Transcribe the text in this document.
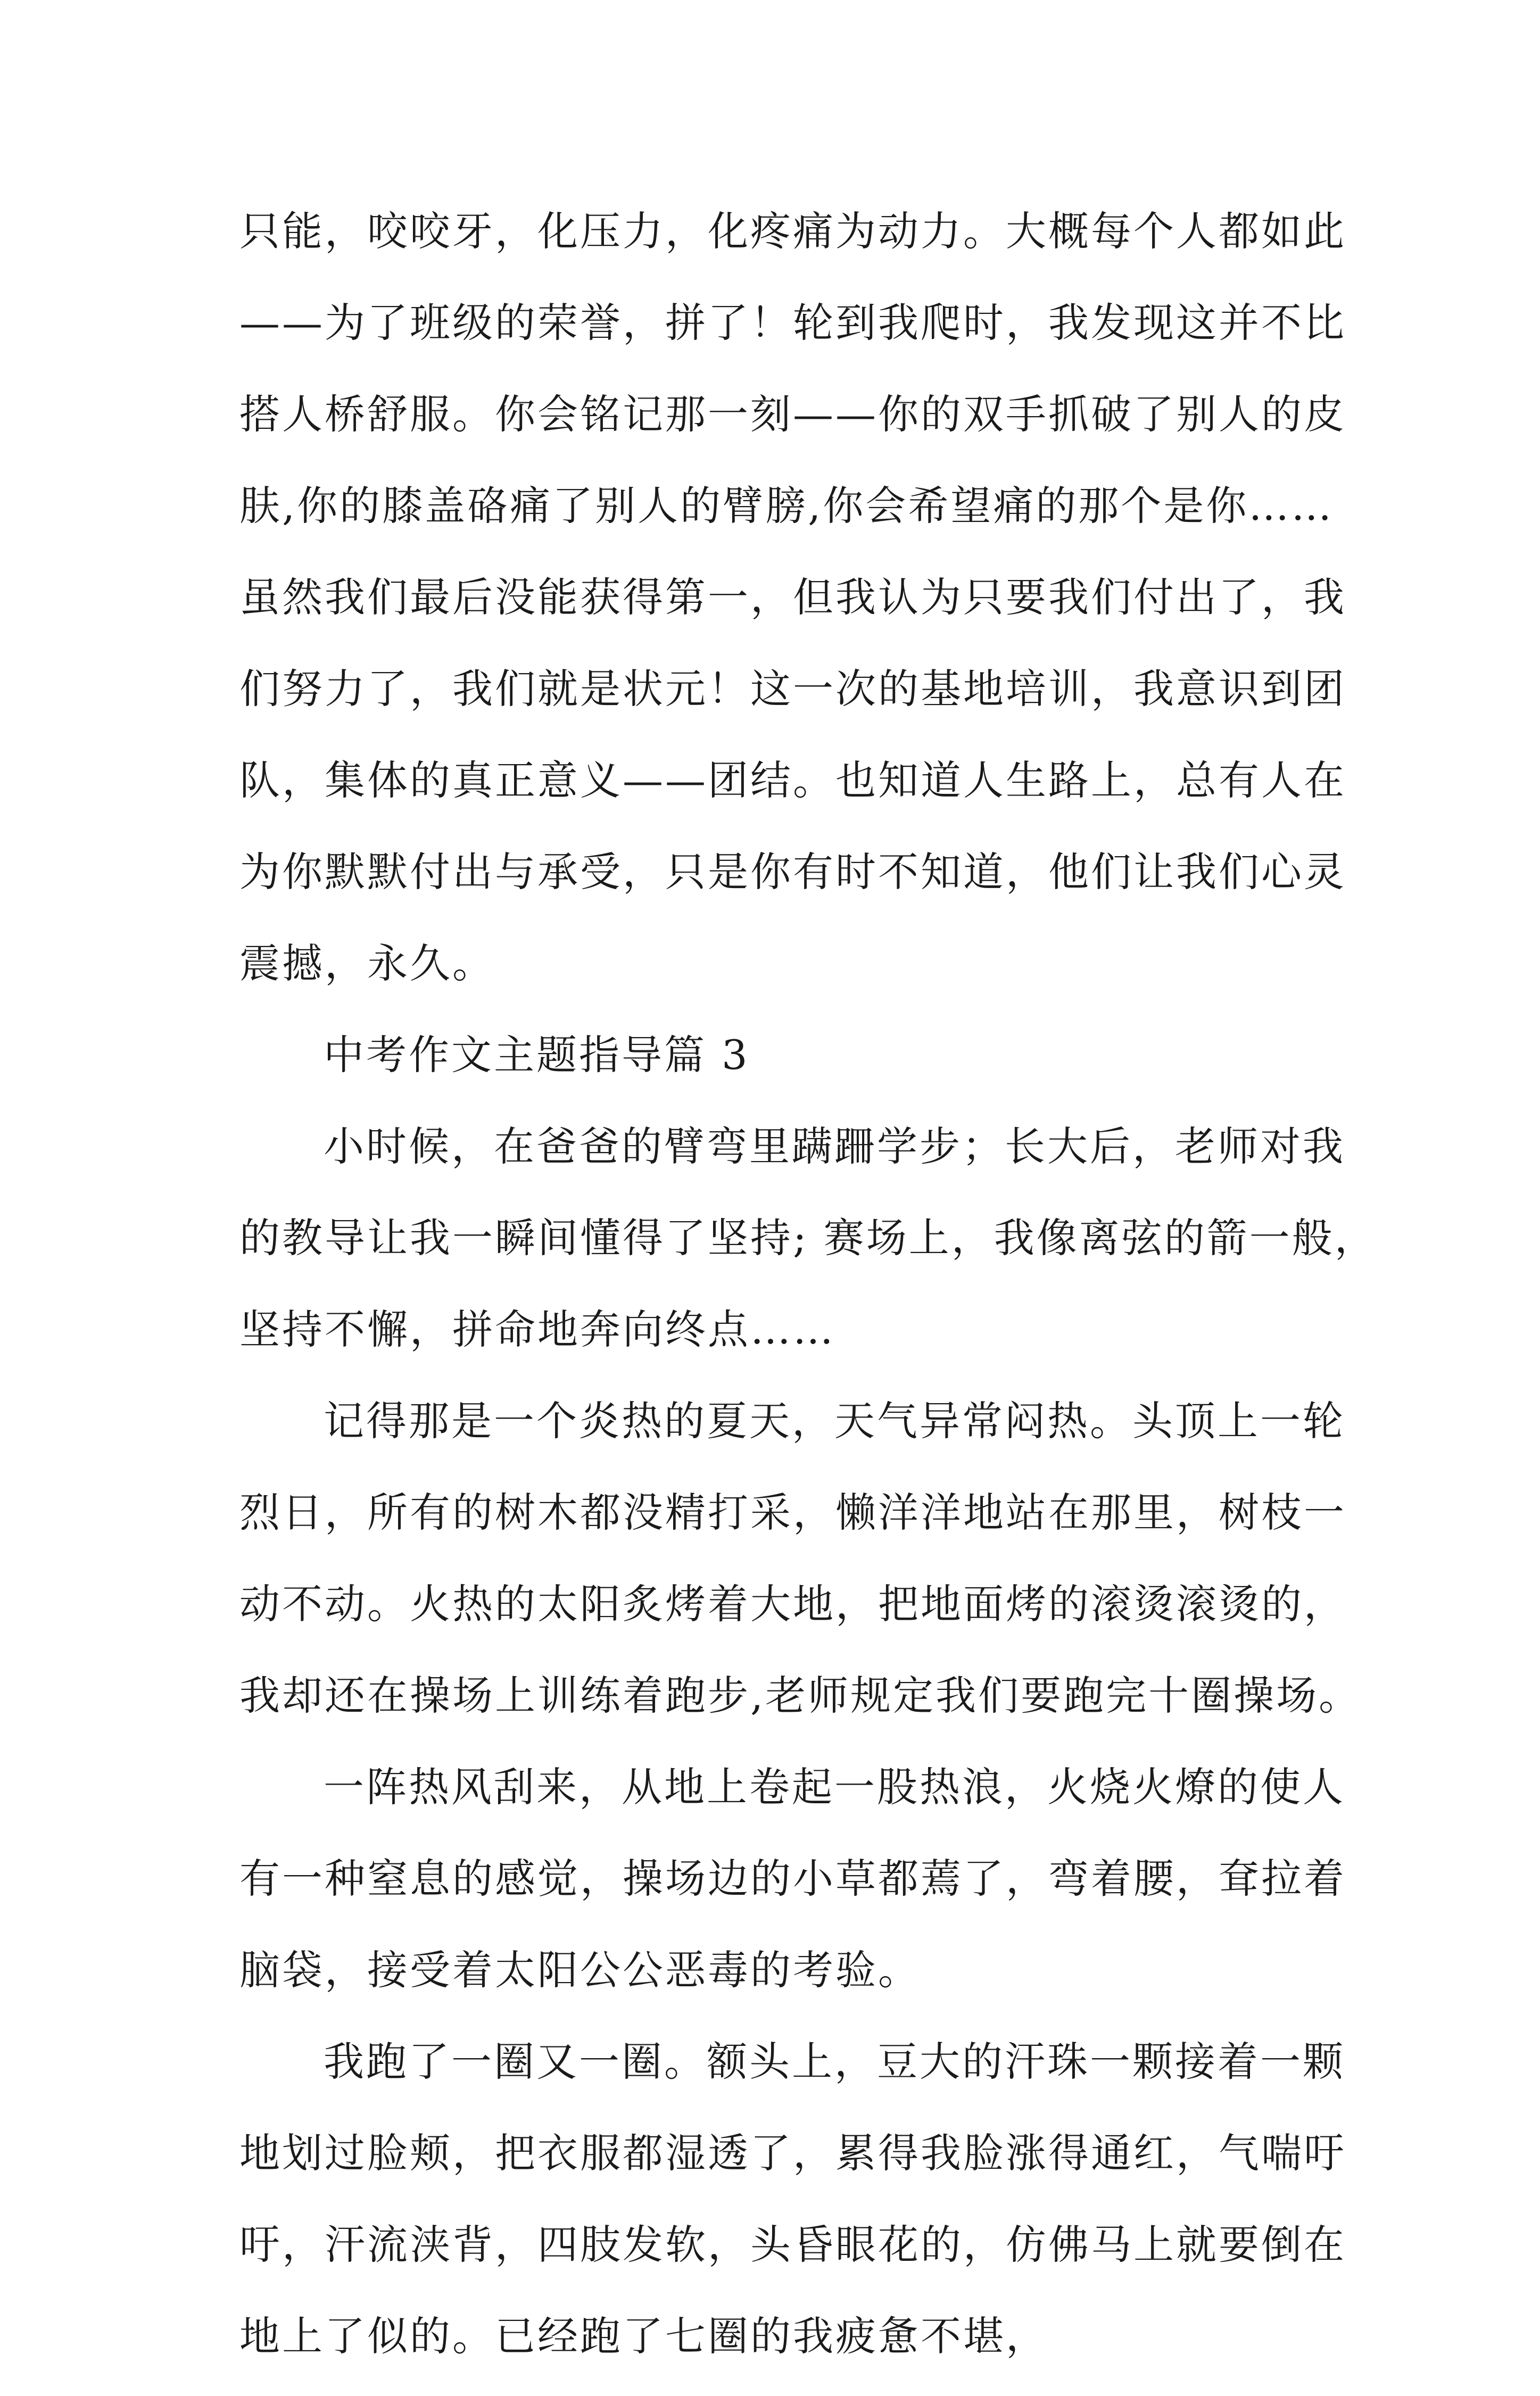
只能，咬咬牙，化压力，化疼痛为动力。大概每个人都如此
——为了班级的荣誉，拼了！轮到我爬时，我发现这并不比
搭人桥舒服。你会铭记那一刻——你的双手抓破了别人的皮
肤,你的膝盖硌痛了别人的臂膀,你会希望痛的那个是你……
虽然我们最后没能获得第一，但我认为只要我们付出了，我
们努力了，我们就是状元！这一次的基地培训，我意识到团
队，集体的真正意义——团结。也知道人生路上，总有人在
为你默默付出与承受，只是你有时不知道，他们让我们心灵
震撼，永久。
中考作文主题指导篇 3
小时候，在爸爸的臂弯里蹒跚学步；长大后，老师对我
的教导让我一瞬间懂得了坚持; 赛场上，我像离弦的箭一般，
坚持不懈，拼命地奔向终点……
记得那是一个炎热的夏天，天气异常闷热。头顶上一轮
烈日，所有的树木都没精打采，懒洋洋地站在那里，树枝一
动不动。火热的太阳炙烤着大地，把地面烤的滚烫滚烫的，
我却还在操场上训练着跑步,老师规定我们要跑完十圈操场。
一阵热风刮来，从地上卷起一股热浪，火烧火燎的使人
有一种窒息的感觉，操场边的小草都蔫了，弯着腰，耷拉着
脑袋，接受着太阳公公恶毒的考验。
我跑了一圈又一圈。额头上，豆大的汗珠一颗接着一颗
地划过脸颊，把衣服都湿透了，累得我脸涨得通红，气喘吁
吁，汗流浃背，四肢发软，头昏眼花的，仿佛马上就要倒在
地上了似的。已经跑了七圈的我疲惫不堪，
